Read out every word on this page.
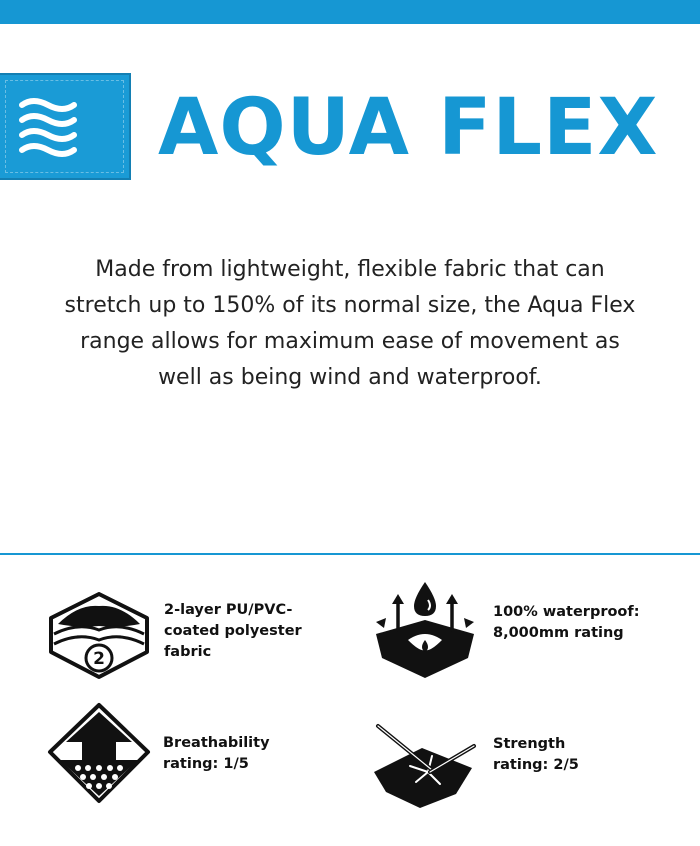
AQUA FLEX
Made from lightweight, flexible fabric that can
stretch up to 150% of its normal size, the Aqua Flex
range allows for maximum ease of movement as
well as being wind and waterproof.
2
2-layer PU/PVC-
coated polyester
fabric
100% waterproof:
8,000mm rating
Breathability
rating: 1/5
Strength
rating: 2/5
